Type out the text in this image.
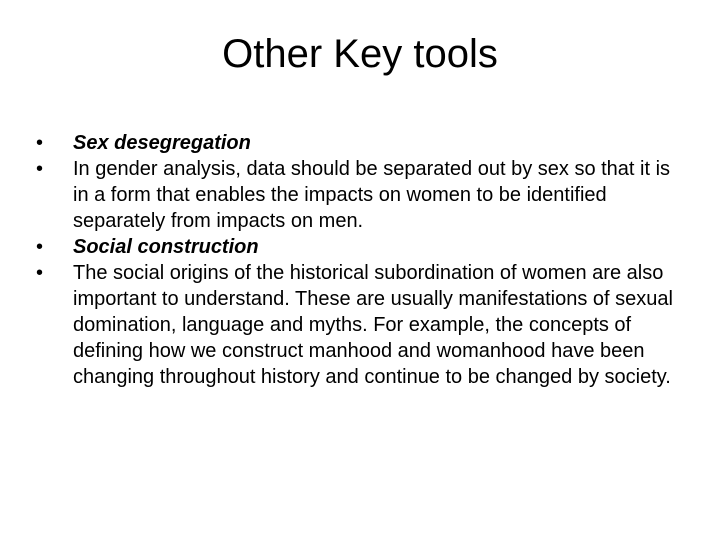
Other Key tools
•	Sex desegregation
•	In gender analysis, data should be separated out by sex so that it is in a form that enables the impacts on women to be identified separately from impacts on men.
•	Social construction
•	The social origins of the historical subordination of women are also important to understand. These are usually manifestations of sexual domination, language and myths. For example, the concepts of defining how we construct manhood and womanhood have been changing throughout history and continue to be changed by society.
